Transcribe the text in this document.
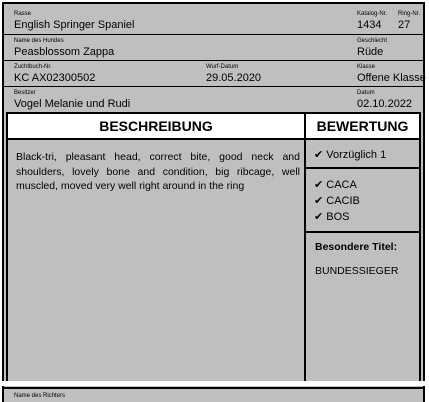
Rasse
English Springer Spaniel
Katalog-Nr.
1434
Ring-Nr.
27
Name des Hundes
Peasblossom Zappa
Geschlecht
Rüde
Zuchtbuch-Nr.
KC AX02300502
Wurf-Datum
29.05.2020
Klasse
Offene Klasse
Besitzer
Vogel Melanie und Rudi
Datum
02.10.2022
BESCHREIBUNG	BEWERTUNG
Black-tri, pleasant head, correct bite, good neck and shoulders, lovely bone and condition, big ribcage, well muscled, moved very well right around in the ring
✔ Vorzüglich 1
✔ CACA
✔ CACIB
✔ BOS
Besondere Titel:
BUNDESSIEGER
Name des Richters
